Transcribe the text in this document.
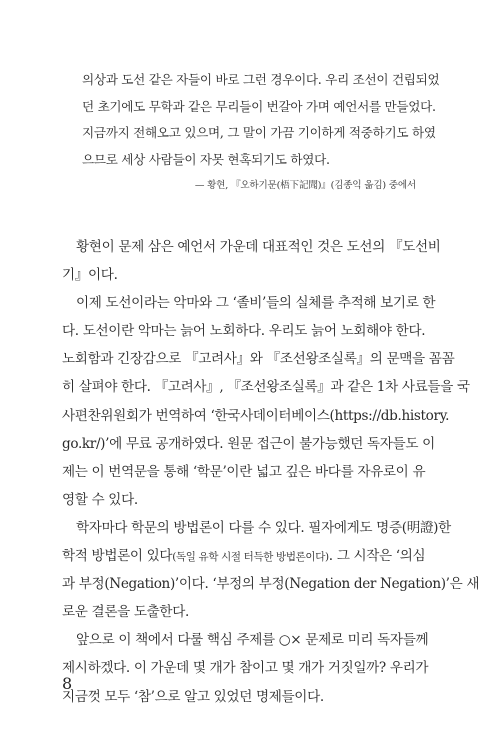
의상과 도선 같은 자들이 바로 그런 경우이다. 우리 조선이 건립되었
던 초기에도 무학과 같은 무리들이 번갈아 가며 예언서를 만들었다.
지금까지 전해오고 있으며, 그 말이 가끔 기이하게 적중하기도 하였
으므로 세상 사람들이 자못 현혹되기도 하였다.
— 황현, 『오하기문(梧下記聞)』(김종익 옮김) 중에서
황현이 문제 삼은 예언서 가운데 대표적인 것은 도선의 『도선비
기』이다.
이제 도선이라는 악마와 그 ‘졸비’들의 실체를 추적해 보기로 한
다. 도선이란 악마는 늙어 노회하다. 우리도 늙어 노회해야 한다.
노회함과 긴장감으로 『고려사』와 『조선왕조실록』의 문맥을 꼼꼼
히 살펴야 한다. 『고려사』, 『조선왕조실록』과 같은 1차 사료들을 국
사편찬위원회가 번역하여 ‘한국사데이터베이스(https://db.history.
go.kr/)’에 무료 공개하였다. 원문 접근이 불가능했던 독자들도 이
제는 이 번역문을 통해 ‘학문’이란 넓고 깊은 바다를 자유로이 유
영할 수 있다.
학자마다 학문의 방법론이 다를 수 있다. 필자에게도 명증(明證)한
학적 방법론이 있다(독일 유학 시절 터득한 방법론이다). 그 시작은 ‘의심
과 부정(Negation)’이다. ‘부정의 부정(Negation der Negation)’은 새
로운 결론을 도출한다.
앞으로 이 책에서 다룰 핵심 주제를 ○× 문제로 미리 독자들께
제시하겠다. 이 가운데 몇 개가 참이고 몇 개가 거짓일까? 우리가
지금껏 모두 ‘참’으로 알고 있었던 명제들이다.
8
